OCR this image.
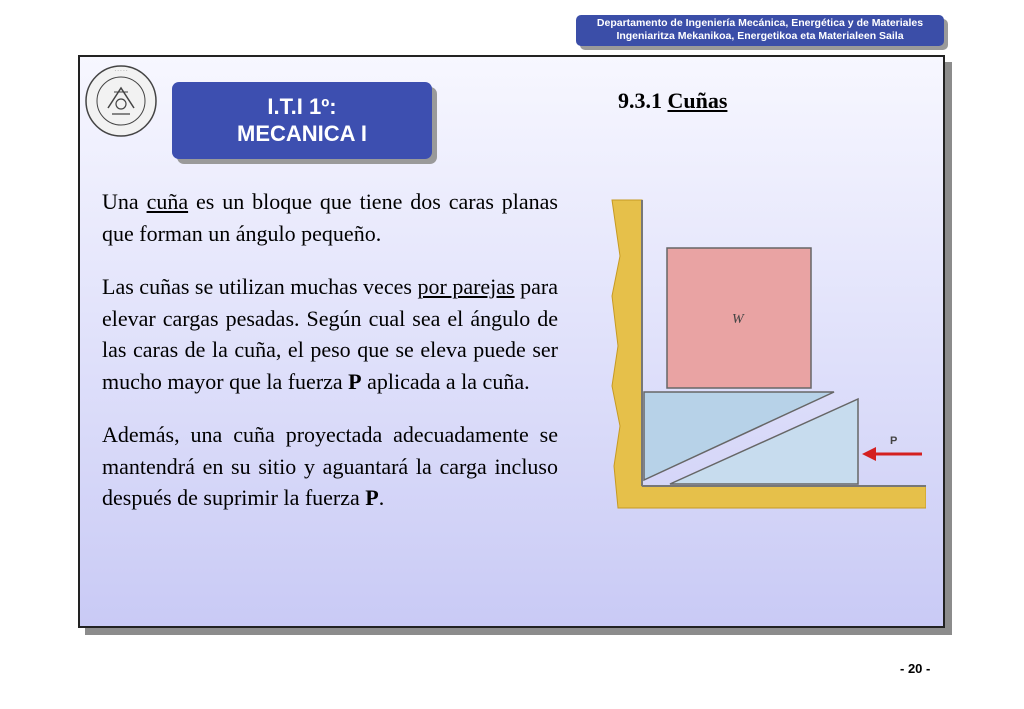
Departamento de Ingeniería Mecánica, Energética y de Materiales
Ingeniaritza Mekanikoa, Energetikoa eta Materialeen Saila
· · · · ·
I.T.I 1º:
MECANICA I
9.3.1 Cuñas

Una cuña es un bloque que tiene dos caras planas que forman un ángulo pequeño.

Las cuñas se utilizan muchas veces por parejas para elevar cargas pesadas. Según cual sea el ángulo de las caras de la cuña, el peso que se eleva puede ser mucho mayor que la fuerza P aplicada a la cuña.

Además, una cuña proyectada adecuadamente se mantendrá en su sitio y aguantará la carga incluso después de suprimir la fuerza P.

W
P
- 20 -
